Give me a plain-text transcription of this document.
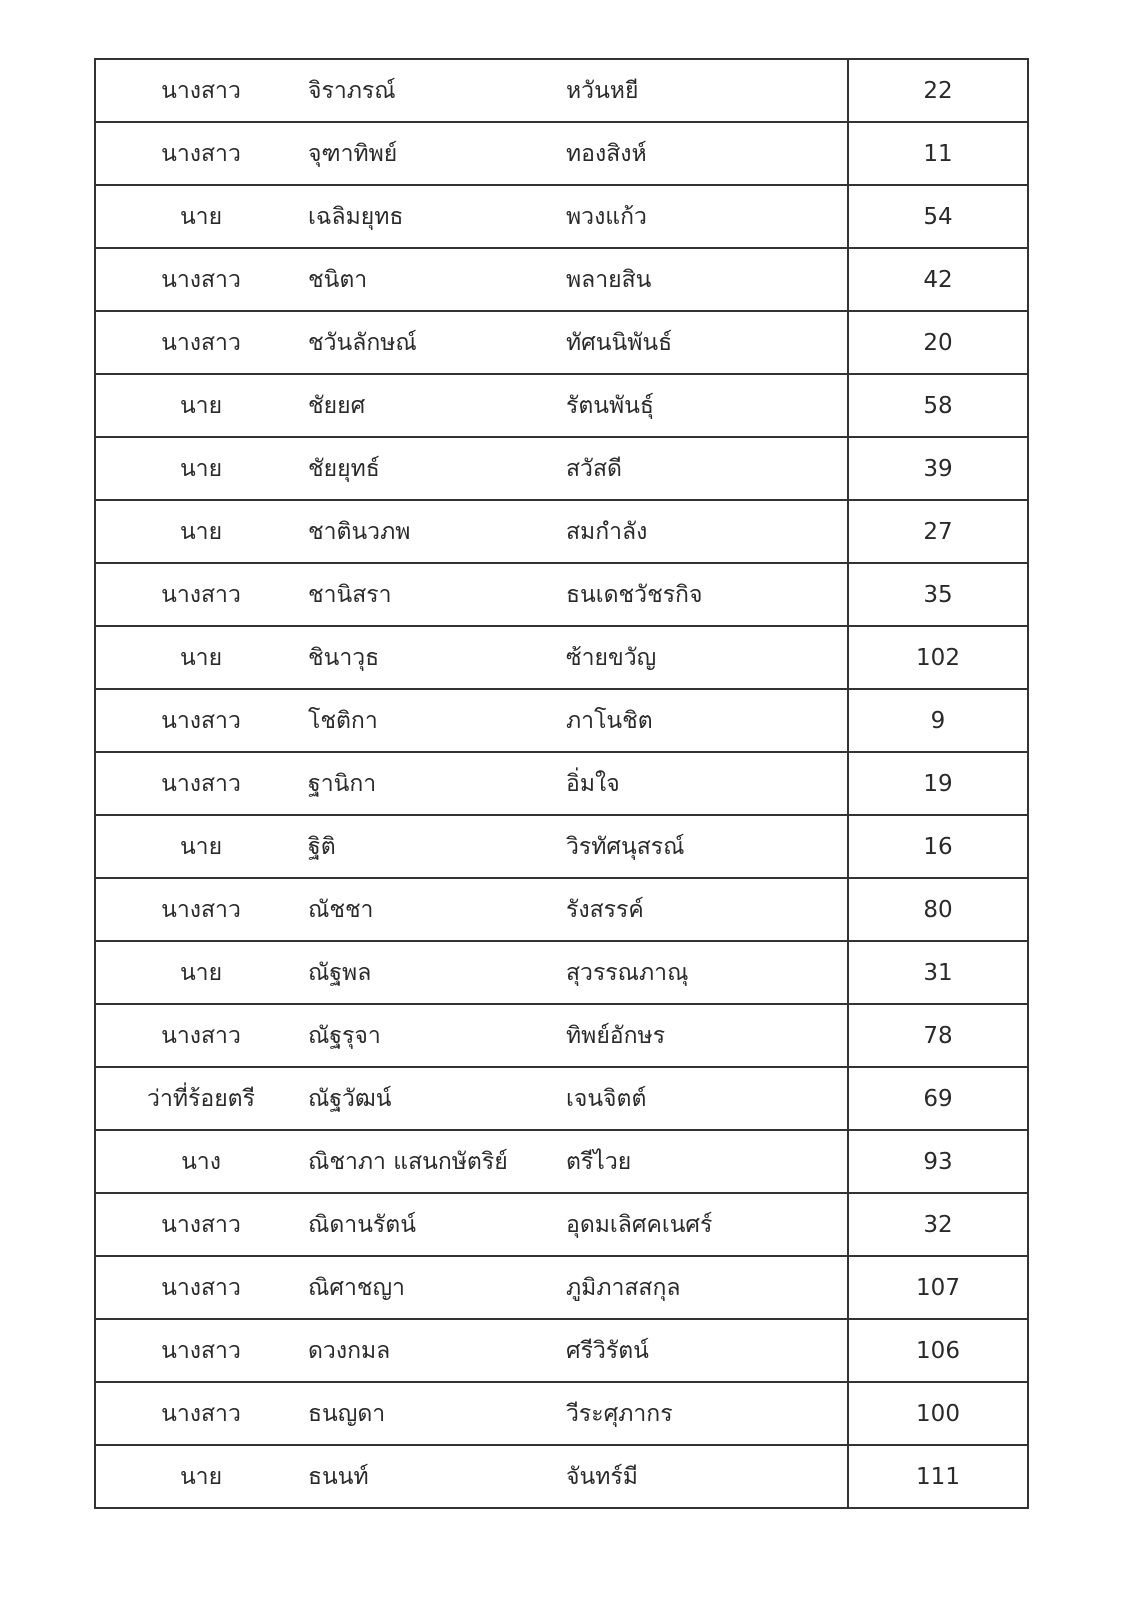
นางสาว	จิราภรณ์	หวันหยี	22
นางสาว	จุฑาทิพย์	ทองสิงห์	11
นาย	เฉลิมยุทธ	พวงแก้ว	54
นางสาว	ชนิตา	พลายสิน	42
นางสาว	ชวันลักษณ์	ทัศนนิพันธ์	20
นาย	ชัยยศ	รัตนพันธุ์	58
นาย	ชัยยุทธ์	สวัสดี	39
นาย	ชาตินวภพ	สมกำลัง	27
นางสาว	ชานิสรา	ธนเดชวัชรกิจ	35
นาย	ชินาวุธ	ซ้ายขวัญ	102
นางสาว	โชติกา	ภาโนชิต	9
นางสาว	ฐานิกา	อิ่มใจ	19
นาย	ฐิติ	วิรทัศนุสรณ์	16
นางสาว	ณัชชา	รังสรรค์	80
นาย	ณัฐพล	สุวรรณภาณุ	31
นางสาว	ณัฐรุจา	ทิพย์อักษร	78
ว่าที่ร้อยตรี	ณัฐวัฒน์	เจนจิตต์	69
นาง	ณิชาภา แสนกษัตริย์	ตรีไวย	93
นางสาว	ณิดานรัตน์	อุดมเลิศคเนศร์	32
นางสาว	ณิศาชญา	ภูมิภาสสกุล	107
นางสาว	ดวงกมล	ศรีวิรัตน์	106
นางสาว	ธนญดา	วีระศุภากร	100
นาย	ธนนท์	จันทร์มี	111
